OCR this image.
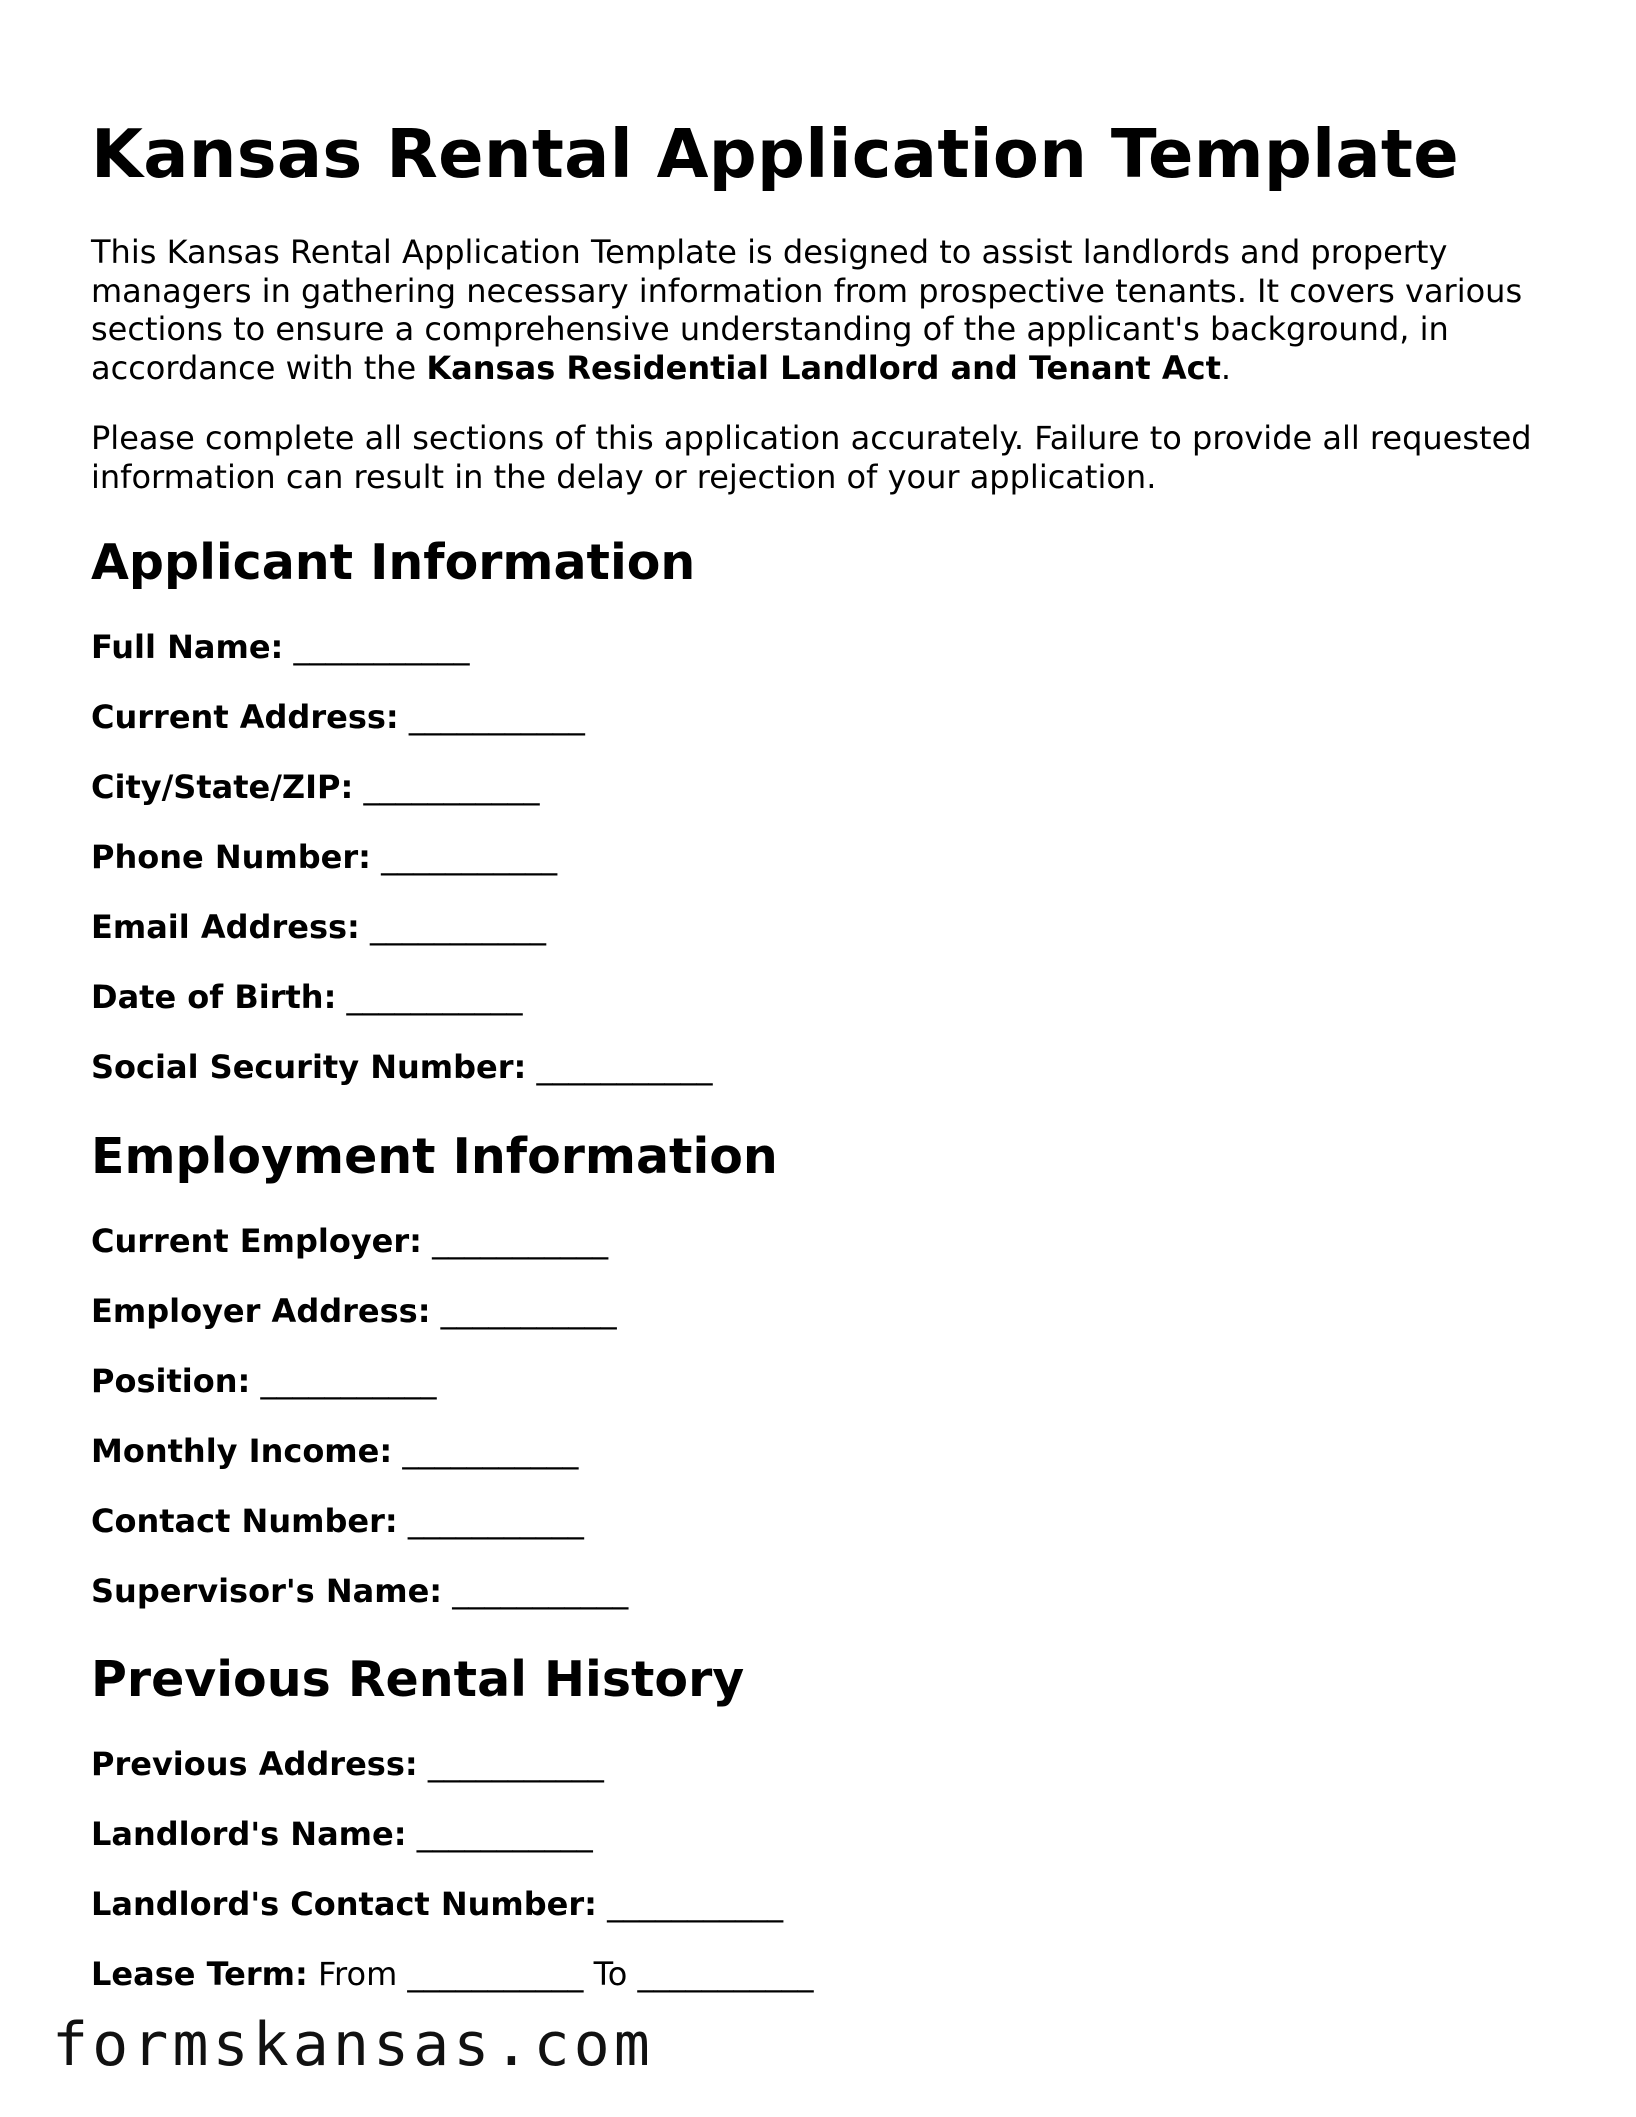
Kansas Rental Application Template

This Kansas Rental Application Template is designed to assist landlords and property managers in gathering necessary information from prospective tenants. It covers various sections to ensure a comprehensive understanding of the applicant's background, in accordance with the Kansas Residential Landlord and Tenant Act.

Please complete all sections of this application accurately. Failure to provide all requested information can result in the delay or rejection of your application.

Applicant Information
Full Name: ___________
Current Address: ___________
City/State/ZIP: ___________
Phone Number: ___________
Email Address: ___________
Date of Birth: ___________
Social Security Number: ___________
Employment Information
Current Employer: ___________
Employer Address: ___________
Position: ___________
Monthly Income: ___________
Contact Number: ___________
Supervisor's Name: ___________
Previous Rental History
Previous Address: ___________
Landlord's Name: ___________
Landlord's Contact Number: ___________
Lease Term: From ___________ To ___________
formskansas.com
